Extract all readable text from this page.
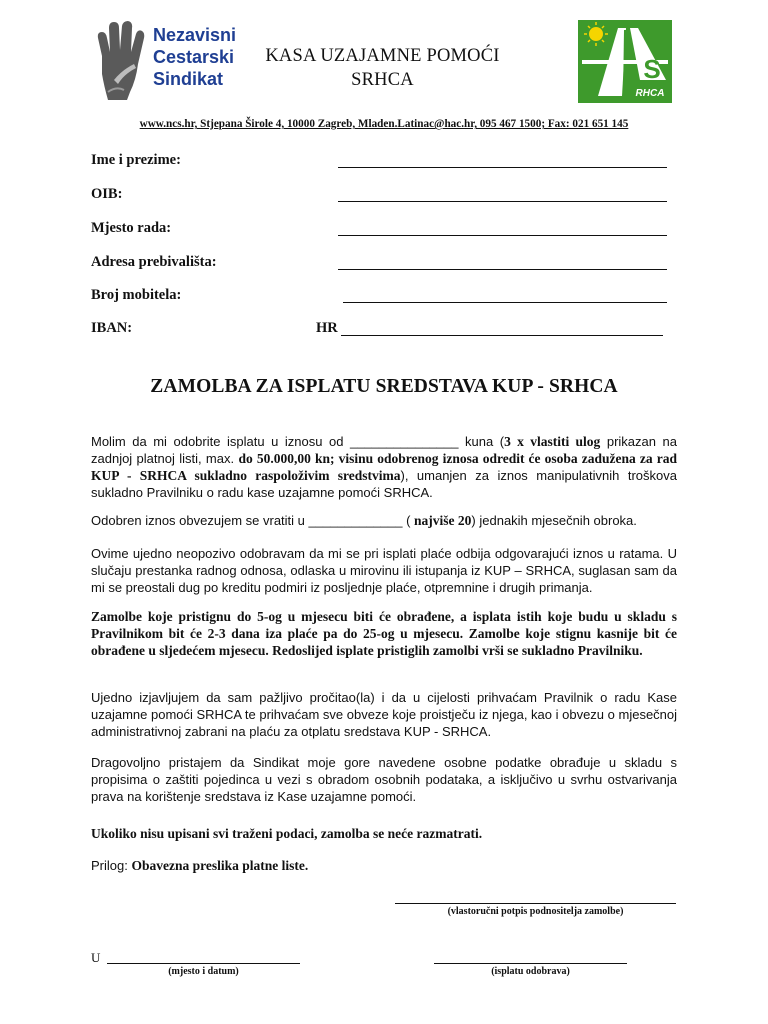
Nezavisni
Cestarski
Sindikat
KASA UZAJAMNE POMOĆI
SRHCA	S
RHCA
www.ncs.hr, Stjepana Širole 4, 10000 Zagreb, Mladen.Latinac@hac.hr, 095 467 1500; Fax: 021 651 145
Ime i prezime:
OIB:
Mjesto rada:
Adresa prebivališta:
Broj mobitela:
IBAN:	HR
ZAMOLBA ZA ISPLATU SREDSTAVA KUP - SRHCA
Molim da mi odobrite isplatu u iznosu od _______________ kuna (3 x vlastiti ulog prikazan na zadnjoj platnoj listi, max. do 50.000,00 kn; visinu odobrenog iznosa odredit će osoba zadužena za rad KUP - SRHCA sukladno raspoloživim sredstvima), umanjen za iznos manipulativnih troškova sukladno Pravilniku o radu kase uzajamne pomoći SRHCA.
Odobren iznos obvezujem se vratiti u _____________ ( najviše 20) jednakih mjesečnih obroka.
Ovime ujedno neopozivo odobravam da mi se pri isplati plaće odbija odgovarajući iznos u ratama. U slučaju prestanka radnog odnosa, odlaska u mirovinu ili istupanja iz KUP – SRHCA, suglasan sam da mi se preostali dug po kreditu podmiri iz posljednje plaće, otpremnine i drugih primanja.
Zamolbe koje pristignu do 5-og u mjesecu biti će obrađene, a isplata istih koje budu u skladu s Pravilnikom bit će 2-3 dana iza plaće pa do 25-og u mjesecu. Zamolbe koje stignu kasnije bit će obrađene u sljedećem mjesecu. Redoslijed isplate pristiglih zamolbi vrši se sukladno Pravilniku.
Ujedno izjavljujem da sam pažljivo pročitao(la) i da u cijelosti prihvaćam Pravilnik o radu Kase uzajamne pomoći SRHCA te prihvaćam sve obveze koje proistječu iz njega, kao i obvezu o mjesečnoj administrativnoj zabrani na plaću za otplatu sredstava KUP - SRHCA.
Dragovoljno pristajem da Sindikat moje gore navedene osobne podatke obrađuje u skladu s propisima o zaštiti pojedinca u vezi s obradom osobnih podataka, a isključivo u svrhu ostvarivanja prava na korištenje sredstava iz Kase uzajamne pomoći.
Ukoliko nisu upisani svi traženi podaci, zamolba se neće razmatrati.
Prilog: Obavezna preslika platne liste.
(vlastoručni potpis podnositelja zamolbe)
U
(mjesto i datum)	(isplatu odobrava)
